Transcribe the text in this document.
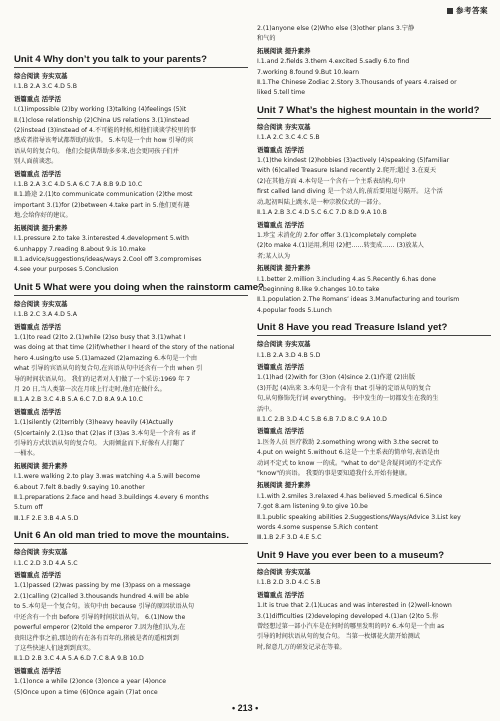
参考答案
Unit 4 Why don’t you talk to your parents?
综合阅读 夯实双基
Ⅰ.1.B 2.A 3.C 4.D 5.B
语篇重点 活学活
Ⅰ.(1)impossible (2)by working (3)talking (4)feelings (5)it
Ⅱ.(1)close relationship (2)China US relations 3.(1)instead
(2)instead (3)instead of 4.不可能的时候,相他们谈谈学校里的事
感成者指导该考试都帮助的故事。 5.本句是一个由 how 引导的宾
语从句的复合句。 他们会提供帮助多多来,也会更同孩子们并
别人面前谈恋。
语篇重点 活学活
Ⅰ.1.B 2.A 3.C 4.D 5.A 6.C 7.A 8.B 9.D 10.C
Ⅱ.1.路途 2.(1)to communicate communication (2)the most
important 3.(1)for (2)between 4.take part in 5.他们更有趣
地,会给你好的建议。
拓展阅读 提升素养
Ⅰ.1.pressure 2.to take 3.interested 4.development 5.with
6.unhappy 7.reading 8.about 9.is 10.make
Ⅱ.1.advice/suggestions/ideas/ways 2.Cool off 3.compromises
4.see your purposes 5.Conclusion
Unit 5 What were you doing when the rainstorm came?
综合阅读 夯实双基
Ⅰ.1.B 2.C 3.A 4.D 5.A
语篇重点 活学活
1.(1)to read (2)to 2.(1)while (2)so busy that 3.(1)what I
was doing at that time (2)if/whether I heard of the story of the national
hero 4.using/to use 5.(1)amazed (2)amazing 6.本句是一个由
what 引导的宾语从句的复合句,在宾语从句中还含有一个由 when 引
导的时间状语从句。 我们的记者对人们做了一个采访:1969 年 7
月 20 日,当人类第一次在月球上行走时,他们在做什么。
Ⅱ.1.A 2.B 3.C 4.B 5.A 6.C 7.D 8.A 9.A 10.C
语篇重点 活学活
1.(1)silently (2)terribly (3)heavy heavily (4)Actually
(5)certainly 2.(1)so that (2)as if (3)as 3.本句是一个含有 as if
引导的方式状语从句的复合句。 大雨倾盆而下,好像有人打翻了
一桶水。
拓展阅读 提升素养
Ⅰ.1.were walking 2.to play 3.was watching 4.a 5.will become
6.about 7.felt 8.badly 9.saying 10.another
Ⅱ.1.preparations 2.face and head 3.buildings 4.every 6 months
5.turn off
Ⅲ.1.F 2.E 3.B 4.A 5.D
Unit 6 An old man tried to move the mountains.
综合阅读 夯实双基
Ⅰ.1.C 2.D 3.D 4.A 5.C
语篇重点 活学活
1.(1)passed (2)was passing by me (3)pass on a message
2.(1)calling (2)called 3.thousands hundred 4.will be able
to 5.本句是一个复合句。该句中由 because 引导的原因状语从句
中还含有一个由 before 引导的时间状语从句。 6.(1)Now the
powerful emperor (2)told the emperor 7.因为他们认为,在
贵阳这件事之前,那边的有在各有百年的,猪被是者的遥相到到
了这些快速人们速到到真实。
Ⅱ.1.D 2.B 3.C 4.A 5.A 6.D 7.C 8.A 9.B 10.D
语篇重点 活学活
1.(1)once a while (2)once (3)once a year (4)once
(5)Once upon a time (6)Once again (7)at once
2.(1)anyone else (2)Who else (3)other plans 3.宁静
和气的
拓展阅读 提升素养
Ⅰ.1.and 2.fields 3.them 4.excited 5.sadly 6.to find
7.working 8.found 9.But 10.learn
Ⅱ.1.The Chinese Zodiac 2.Story 3.Thousands of years 4.raised or
liked 5.tell time
Unit 7 What’s the highest mountain in the world?
综合阅读 夯实双基
Ⅰ.1.A 2.C 3.C 4.C 5.B
语篇重点 活学活
1.(1)the kindest (2)hobbies (3)actively (4)speaking (5)familiar
with (6)called Treasure Island recently 2.爬开;超过 3.在夏天
(2)在其他方面 4.本句是一个含有一个主系表结构,句中
first called land diving 是一个动人的,前后要用逗号隔开。 这个活
动,起初叫陆上跳水,是一种宗教仪式的一部分。
Ⅱ.1.A 2.B 3.C 4.D 5.C 6.C 7.D 8.D 9.A 10.B
语篇重点 活学活
1.珍宝 未消化的 2.for offer 3.(1)completely complete
(2)to make 4.(1)运用,利用 (2)把……转变成…… (3)放某人
者;某人认为
拓展阅读 提升素养
Ⅰ.1.better 2.million 3.including 4.as 5.Recently 6.has done
7.beginning 8.like 9.changes 10.to take
Ⅱ.1.population 2.The Romans’ ideas 3.Manufacturing and tourism
4.popular foods 5.Lunch
Unit 8 Have you read Treasure Island yet?
综合阅读 夯实双基
Ⅰ.1.B 2.A 3.D 4.B 5.D
语篇重点 活学活
1.(1)had (2)with for (3)on (4)since 2.(1)作道 (2)出版
(3)开起 (4)出来 3.本句是一个含有 that 引导的定语从句的复合
句,从句修饰先行词 everything。 书中发生的一切都发生在我的生
活中。
Ⅱ.1.C 2.B 3.D 4.C 5.B 6.B 7.D 8.C 9.A 10.D
语篇重点 活学活
1.医务人员 医疗救助 2.something wrong with 3.the secret to
4.put on weight 5.without 6.这是一个主系表的简单句,表语是由
动词不定式 to know 一的成。"what to do"是含疑问词的不定式作
"know"的宾语。 我要的事是要知道我什么开始有健康。
拓展阅读 提升素养
Ⅰ.1.with 2.smiles 3.relaxed 4.has believed 5.medical 6.Since
7.got 8.am listening 9.to give 10.be
Ⅱ.1.public speaking abilities 2.Suggestions/Ways/Advice 3.List key
words 4.some suspense 5.Rich content
Ⅲ.1.B 2.F 3.D 4.E 5.C
Unit 9 Have you ever been to a museum?
综合阅读 夯实双基
Ⅰ.1.B 2.D 3.D 4.C 5.B
语篇重点 活学活
1.It is true that 2.(1)Lucas and was interested in (2)well-known
3.(1)difficulties (2)developing developed 4.(1)an (2)to 5.你
曾经想过第一部小汽车是在何时的哪里发明的吗? 6.本句是一个由 as
引导的时间状语从句的复合句。 当第一枚烟花火箭开始测试
时,留意几万的研发记录在等着。
• 213 •
